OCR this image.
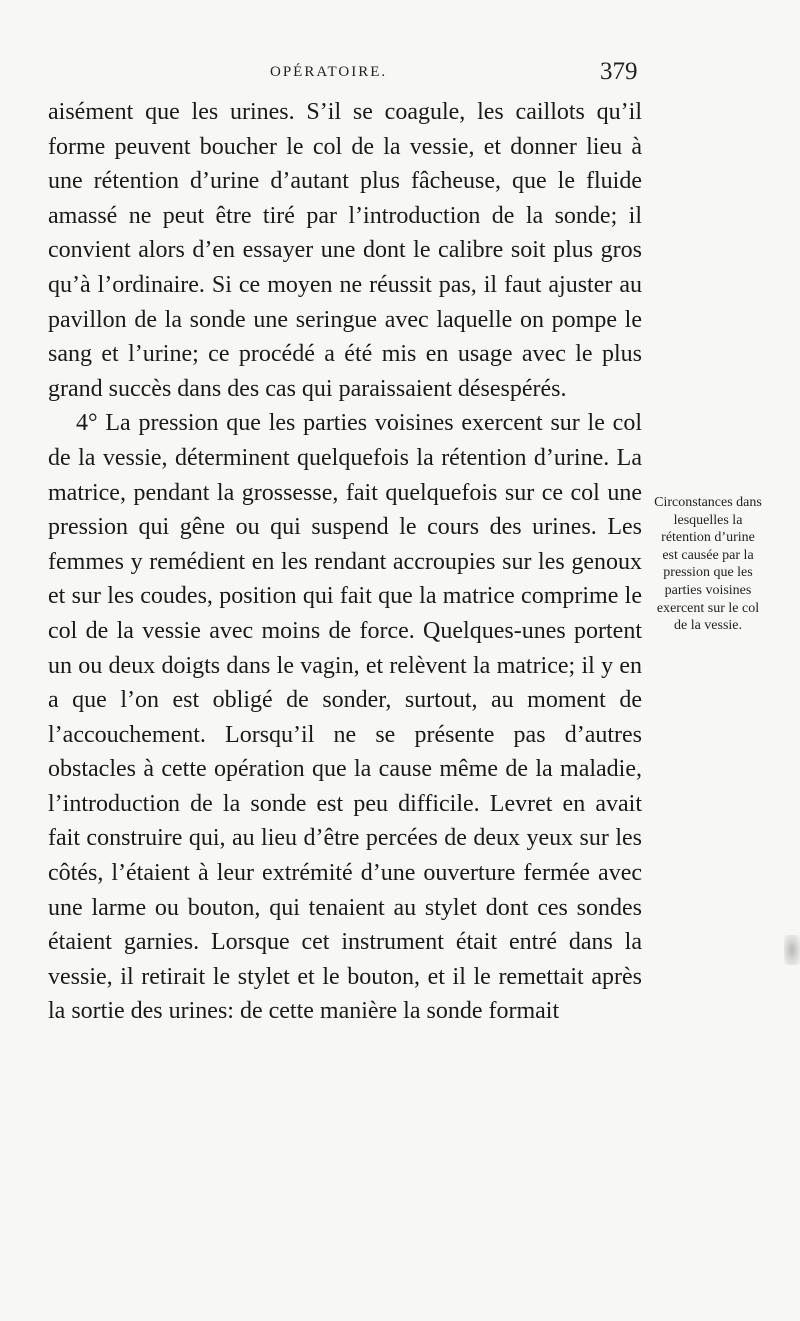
OPÉRATOIRE.	379

aisément que les urines. S’il se coagule, les caillots qu’il forme peuvent boucher le col de la vessie, et donner lieu à une rétention d’urine d’autant plus fâcheuse, que le fluide amassé ne peut être tiré par l’introduction de la sonde; il convient alors d’en essayer une dont le calibre soit plus gros qu’à l’ordinaire. Si ce moyen ne réussit pas, il faut ajuster au pavillon de la sonde une seringue avec laquelle on pompe le sang et l’urine; ce procédé a été mis en usage avec le plus grand succès dans des cas qui paraissaient désespérés.

4° La pression que les parties voisines exercent sur le col de la vessie, déterminent quelquefois la rétention d’urine. La matrice, pendant la grossesse, fait quelquefois sur ce col une pression qui gêne ou qui suspend le cours des urines. Les femmes y remédient en les rendant accroupies sur les genoux et sur les coudes, position qui fait que la matrice comprime le col de la vessie avec moins de force. Quelques-unes portent un ou deux doigts dans le vagin, et relèvent la matrice; il y en a que l’on est obligé de sonder, surtout, au moment de l’accouchement. Lorsqu’il ne se présente pas d’autres obstacles à cette opération que la cause même de la maladie, l’introduction de la sonde est peu difficile. Levret en avait fait construire qui, au lieu d’être percées de deux yeux sur les côtés, l’étaient à leur extrémité d’une ouverture fermée avec une larme ou bouton, qui tenaient au stylet dont ces sondes étaient garnies. Lorsque cet instrument était entré dans la vessie, il retirait le stylet et le bouton, et il le remettait après la sortie des urines: de cette manière la sonde formait

Circonstances dans lesquelles la rétention d’urine est causée par la pression que les parties voisines exercent sur le col de la vessie.
